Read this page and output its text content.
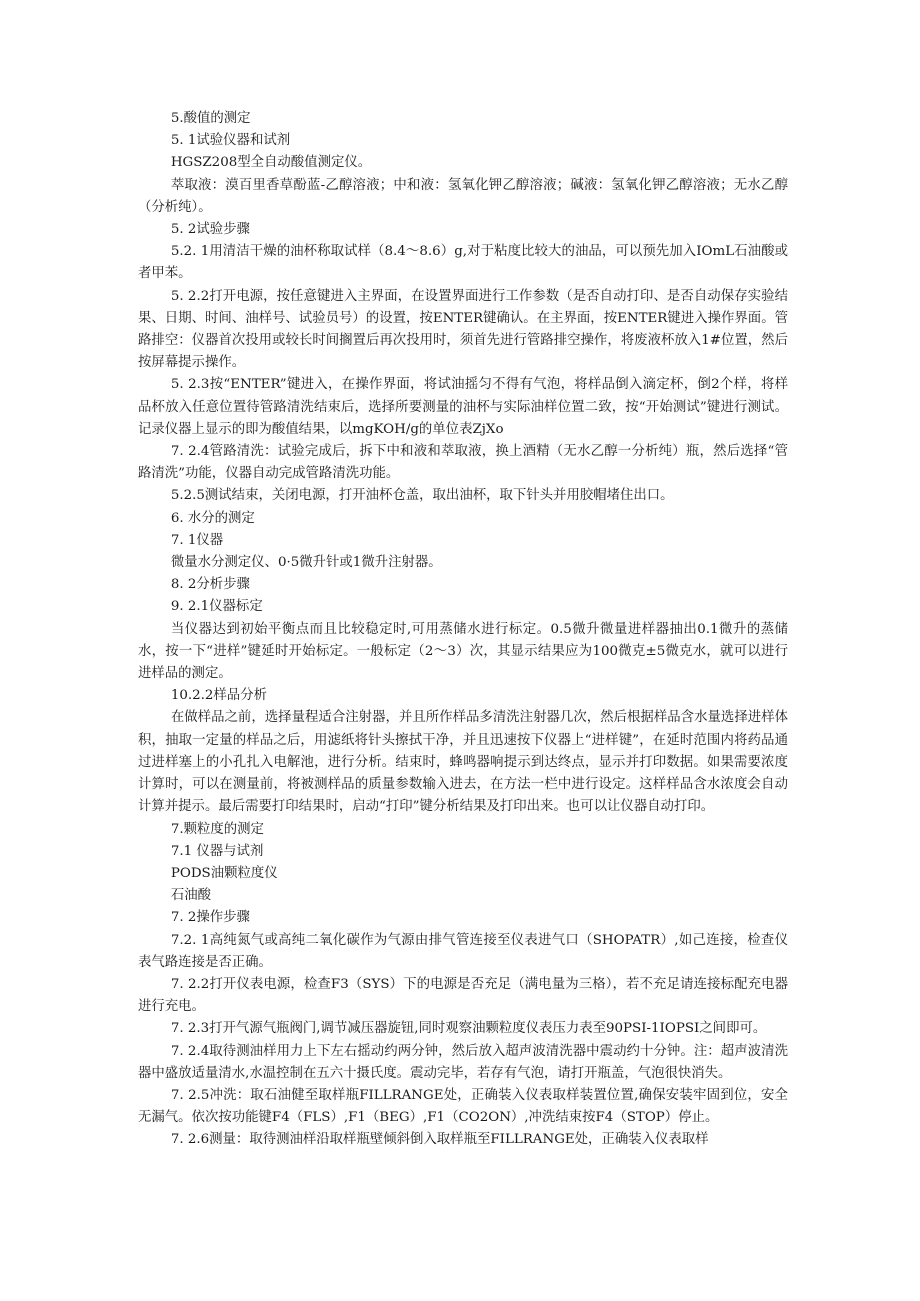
5.酸值的测定

5. 1试验仪器和试剂

HGSZ208型全自动酸值测定仪。

萃取液：漠百里香草酚蓝-乙醇溶液；中和液：氢氧化钾乙醇溶液；碱液：氢氧化钾乙醇溶液；无水乙醇（分析纯）。

5. 2试验步骤

5.2. 1用清洁干燥的油杯称取试样（8.4～8.6）g,对于粘度比较大的油品，可以预先加入IOmL石油酸或者甲苯。

5. 2.2打开电源，按任意键进入主界面，在设置界面进行工作参数（是否自动打印、是否自动保存实验结果、日期、时间、油样号、试验员号）的设置，按ENTER键确认。在主界面，按ENTER键进入操作界面。管路排空：仪器首次投用或较长时间搁置后再次投用时，须首先进行管路排空操作，将废液杯放入1#位置，然后按屏幕提示操作。

5. 2.3按“ENTER”键进入，在操作界面，将试油摇匀不得有气泡，将样品倒入滴定杯，倒2个样，将样品杯放入任意位置待管路清洗结束后，选择所要测量的油杯与实际油样位置二致，按“开始测试”键进行测试。记录仪器上显示的即为酸值结果，以mgKOH/g的单位表ZjXo

7. 2.4管路清洗：试验完成后，拆下中和液和萃取液，换上酒精（无水乙醇一分析纯）瓶，然后选择“管路清洗”功能，仪器自动完成管路清洗功能。

5.2.5测试结束，关闭电源，打开油杯仓盖，取出油杯，取下针头并用胶帽堵住出口。

6. 水分的测定

7. 1仪器

微量水分测定仪、0·5微升针或1微升注射器。

8. 2分析步骤

9. 2.1仪器标定

当仪器达到初始平衡点而且比较稳定时,可用蒸储水进行标定。0.5微升微量进样器抽出0.1微升的蒸储水，按一下“进样”键延时开始标定。一般标定（2～3）次，其显示结果应为100微克±5微克水，就可以进行进样品的测定。

10.2.2样品分析

在做样品之前，选择量程适合注射器，并且所作样品多清洗注射器几次，然后根据样品含水量选择进样体积，抽取一定量的样品之后，用滤纸将针头擦拭干净，并且迅速按下仪器上“进样键”，在延时范围内将药品通过进样塞上的小孔扎入电解池，进行分析。结束时，蜂鸣器响提示到达终点，显示并打印数据。如果需要浓度计算时，可以在测量前，将被测样品的质量参数输入进去，在方法一栏中进行设定。这样样品含水浓度会自动计算并提示。最后需要打印结果时，启动“打印”键分析结果及打印出来。也可以让仪器自动打印。

7.颗粒度的测定

7.1 仪器与试剂

PODS油颗粒度仪

石油酸

7. 2操作步骤

7.2. 1高纯氮气或高纯二氧化碳作为气源由排气管连接至仪表进气口（SHOPATR）,如己连接，检查仪表气路连接是否正确。

7. 2.2打开仪表电源，检查F3（SYS）下的电源是否充足（满电量为三格），若不充足请连接标配充电器进行充电。

7. 2.3打开气源气瓶阀门,调节减压器旋钮,同时观察油颗粒度仪表压力表至90PSI-1IOPSI之间即可。

7. 2.4取待测油样用力上下左右摇动约两分钟，然后放入超声波清洗器中震动约十分钟。注：超声波清洗器中盛放适量清水,水温控制在五六十摄氏度。震动完毕，若存有气泡，请打开瓶盖，气泡很快消失。

7. 2.5冲洗：取石油健至取样瓶FILLRANGE处，正确装入仪表取样装置位置,确保安装牢固到位，安全无漏气。依次按功能键F4（FLS）,F1（BEG）,F1（CO2ON）,冲洗结束按F4（STOP）停止。

7. 2.6测量：取待测油样沿取样瓶壁倾斜倒入取样瓶至FILLRANGE处，正确装入仪表取样
